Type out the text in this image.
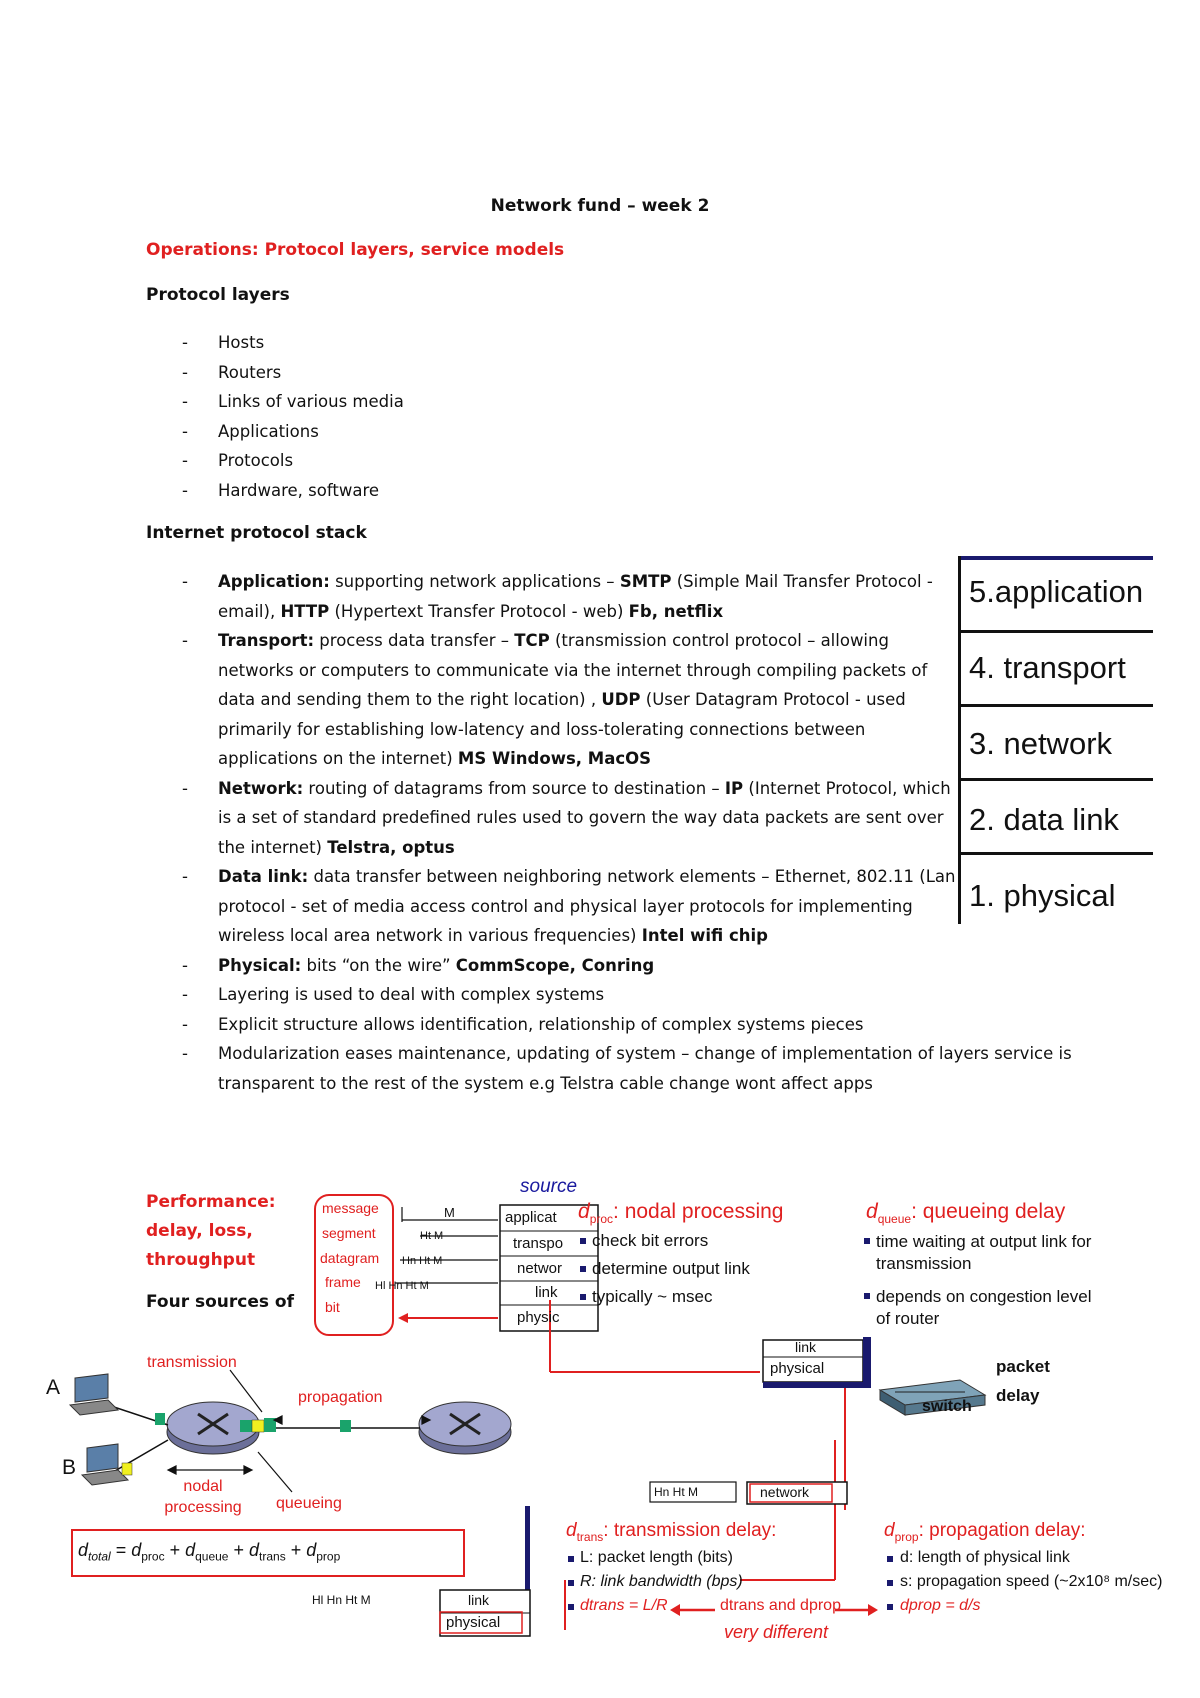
Network fund – week 2
Operations: Protocol layers, service models
Protocol layers
- Hosts
- Routers
- Links of various media
- Applications
- Protocols
- Hardware, software
Internet protocol stack
- Application: supporting network applications – SMTP (Simple Mail Transfer Protocol - email), HTTP (Hypertext Transfer Protocol - web) Fb, netflix
- Transport: process data transfer – TCP (transmission control protocol – allowing networks or computers to communicate via the internet through compiling packets of data and sending them to the right location) , UDP (User Datagram Protocol - used primarily for establishing low-latency and loss-tolerating connections between applications on the internet) MS Windows, MacOS
- Network: routing of datagrams from source to destination – IP (Internet Protocol, which is a set of standard predefined rules used to govern the way data packets are sent over the internet) Telstra, optus
- Data link: data transfer between neighboring network elements – Ethernet, 802.11 (Lan protocol - set of media access control and physical layer protocols for implementing wireless local area network in various frequencies) Intel wifi chip
- Physical: bits “on the wire” CommScope, Conring
- Layering is used to deal with complex systems
- Explicit structure allows identification, relationship of complex systems pieces
- Modularization eases maintenance, updating of system – change of implementation of layers service is transparent to the rest of the system e.g Telstra cable change wont affect apps
5.application
4. transport
3. network
2. data link
1. physical
Performance:
delay, loss,
throughput
Four sources of
message
segment
datagram
frame
bit
M
Ht M
Hn Ht M
Hl Hn Ht M
source
applicat
transpo
networ
link
physic
$d_{proc}$: nodal processing
check bit errors
determine output link
typically ~ msec
$d_{queue}$: queueing delay
time waiting at output link for transmission
depends on congestion level of router
link
physical
switch
packet
delay
transmission
propagation
A
B
nodal
processing	queueing
$d_{total} = d_{proc} + d_{queue} + d_{trans} + d_{prop}$
network
Hn Ht M
link
physical
Hl Hn Ht M
$d_{trans}$: transmission delay:
L: packet length (bits)
R: link bandwidth (bps)
dtrans = L/R
$d_{prop}$: propagation delay:
d: length of physical link
s: propagation speed (~2x10⁸ m/sec)
dprop = d/s
dtrans and dprop
very different
